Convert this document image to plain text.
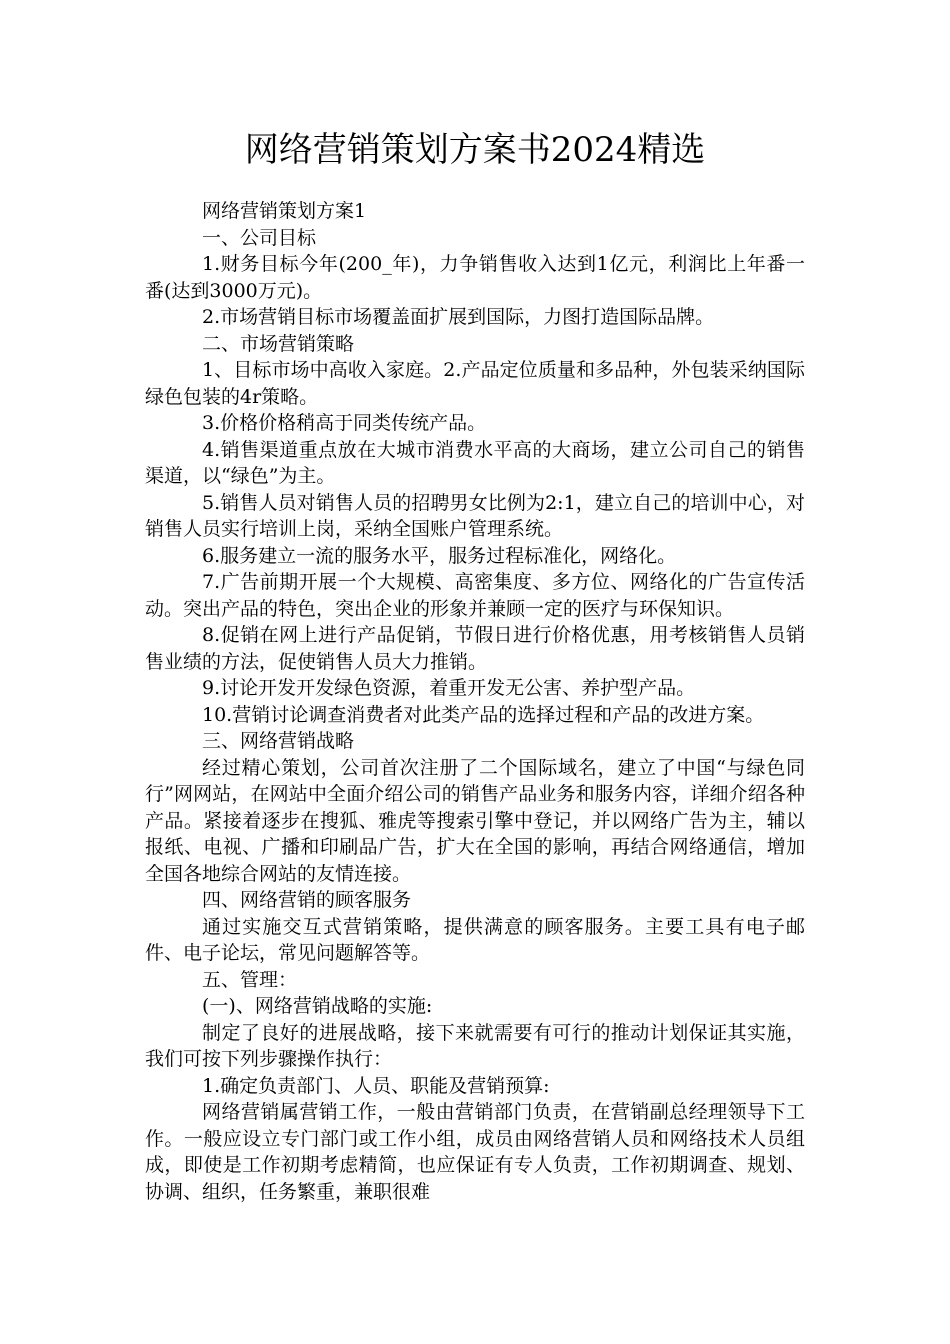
网络营销策划方案书2024精选

网络营销策划方案1

一、公司目标

1.财务目标今年(200_年)，力争销售收入达到1亿元，利润比上年番一番(达到3000万元)。

2.市场营销目标市场覆盖面扩展到国际，力图打造国际品牌。

二、市场营销策略

1、目标市场中高收入家庭。2.产品定位质量和多品种，外包装采纳国际绿色包装的4r策略。

3.价格价格稍高于同类传统产品。

4.销售渠道重点放在大城市消费水平高的大商场，建立公司自己的销售渠道，以“绿色”为主。

5.销售人员对销售人员的招聘男女比例为2:1，建立自己的培训中心，对销售人员实行培训上岗，采纳全国账户管理系统。

6.服务建立一流的服务水平，服务过程标准化，网络化。

7.广告前期开展一个大规模、高密集度、多方位、网络化的广告宣传活动。突出产品的特色，突出企业的形象并兼顾一定的医疗与环保知识。

8.促销在网上进行产品促销，节假日进行价格优惠，用考核销售人员销售业绩的方法，促使销售人员大力推销。

9.讨论开发开发绿色资源，着重开发无公害、养护型产品。

10.营销讨论调查消费者对此类产品的选择过程和产品的改进方案。

三、网络营销战略

经过精心策划，公司首次注册了二个国际域名，建立了中国“与绿色同行”网网站，在网站中全面介绍公司的销售产品业务和服务内容，详细介绍各种产品。紧接着逐步在搜狐、雅虎等搜索引擎中登记，并以网络广告为主，辅以报纸、电视、广播和印刷品广告，扩大在全国的影响，再结合网络通信，增加全国各地综合网站的友情连接。

四、网络营销的顾客服务

通过实施交互式营销策略，提供满意的顾客服务。主要工具有电子邮件、电子论坛，常见问题解答等。

五、管理：

(一)、网络营销战略的实施:

制定了良好的进展战略，接下来就需要有可行的推动计划保证其实施，我们可按下列步骤操作执行：

1.确定负责部门、人员、职能及营销预算:

网络营销属营销工作，一般由营销部门负责，在营销副总经理领导下工作。一般应设立专门部门或工作小组，成员由网络营销人员和网络技术人员组成，即使是工作初期考虑精简，也应保证有专人负责，工作初期调查、规划、协调、组织，任务繁重，兼职很难
